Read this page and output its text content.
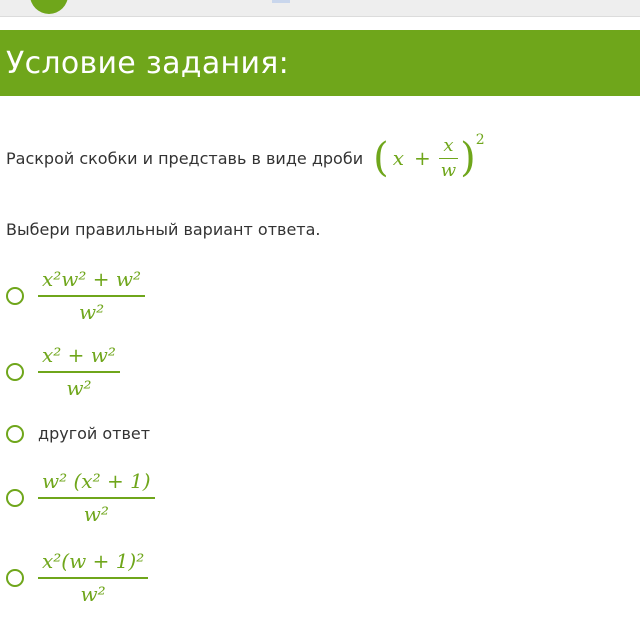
Условие задания:
Раскрой скобки и представь в виде дроби ( $x + \frac{x}{w}$ ) 2
Выбери правильный вариант ответа.
x²w² + w²
w²
x² + w²
w²
другой ответ
w² (x² + 1)
w²
x²(w + 1)²
w²
